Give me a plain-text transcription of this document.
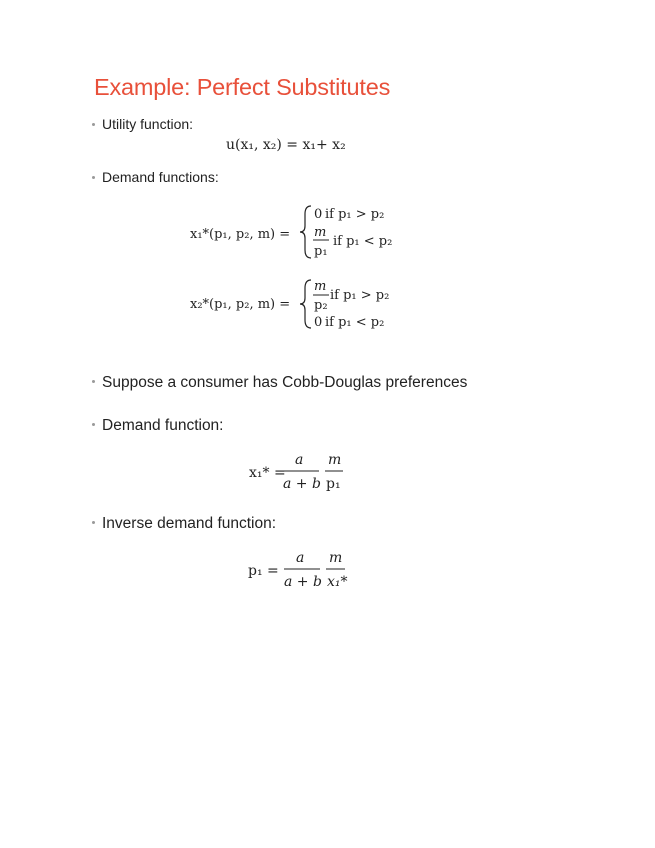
Example: Perfect Substitutes
Utility function:
u(x₁, x₂) = x₁+ x₂
Demand functions:
x₁*(p₁, p₂, m) =
0 if p₁ > p₂
m
p₁
if p₁ < p₂
x₂*(p₁, p₂, m) =
m
p₂
if p₁ > p₂
0 if p₁ < p₂
Suppose a consumer has Cobb-Douglas preferences
Demand function:
x₁* =
a
a + b
m
p₁
Inverse demand function:
p₁ =
a
a + b
m
x₁*
